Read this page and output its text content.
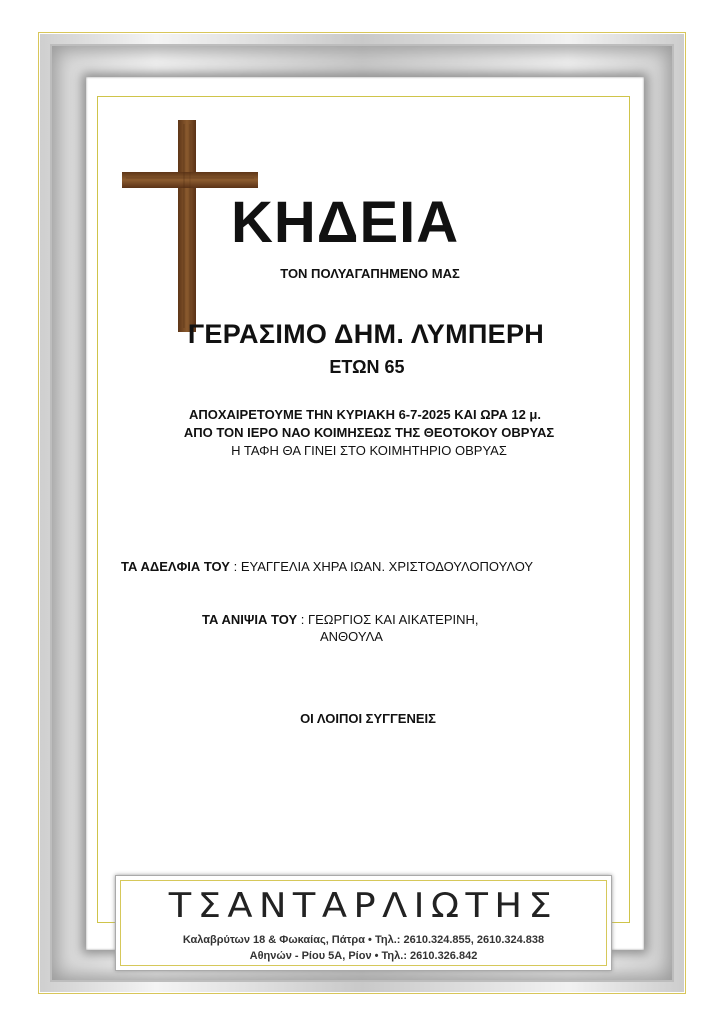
ΚΗΔΕΙΑ
ΤΟΝ ΠΟΛΥΑΓΑΠΗΜΕΝΟ ΜΑΣ
ΓΕΡΑΣΙΜΟ ΔΗΜ. ΛΥΜΠΕΡΗ
ΕΤΩΝ 65
ΑΠΟΧΑΙΡΕΤΟΥΜΕ ΤΗΝ ΚΥΡΙΑΚΗ 6-7-2025 ΚΑΙ ΩΡΑ 12 μ.
ΑΠΟ ΤΟΝ ΙΕΡΟ ΝΑΟ ΚΟΙΜΗΣΕΩΣ ΤΗΣ ΘΕΟΤΟΚΟΥ ΟΒΡΥΑΣ
Η ΤΑΦΗ ΘΑ ΓΙΝΕΙ ΣΤΟ ΚΟΙΜΗΤΗΡΙΟ ΟΒΡΥΑΣ
ΤΑ ΑΔΕΛΦΙΑ ΤΟΥ : ΕΥΑΓΓΕΛΙΑ ΧΗΡΑ ΙΩΑΝ. ΧΡΙΣΤΟΔΟΥΛΟΠΟΥΛΟΥ
ΤΑ ΑΝΙΨΙΑ ΤΟΥ : ΓΕΩΡΓΙΟΣ ΚΑΙ ΑΙΚΑΤΕΡΙΝΗ,
ΑΝΘΟΥΛΑ
ΟΙ ΛΟΙΠΟΙ ΣΥΓΓΕΝΕΙΣ
ΤΣΑΝΤΑΡΛΙΩΤΗΣ
Καλαβρύτων 18 & Φωκαίας, Πάτρα • Τηλ.: 2610.324.855, 2610.324.838
Αθηνών - Ρίου 5Α, Ρίον • Τηλ.: 2610.326.842
